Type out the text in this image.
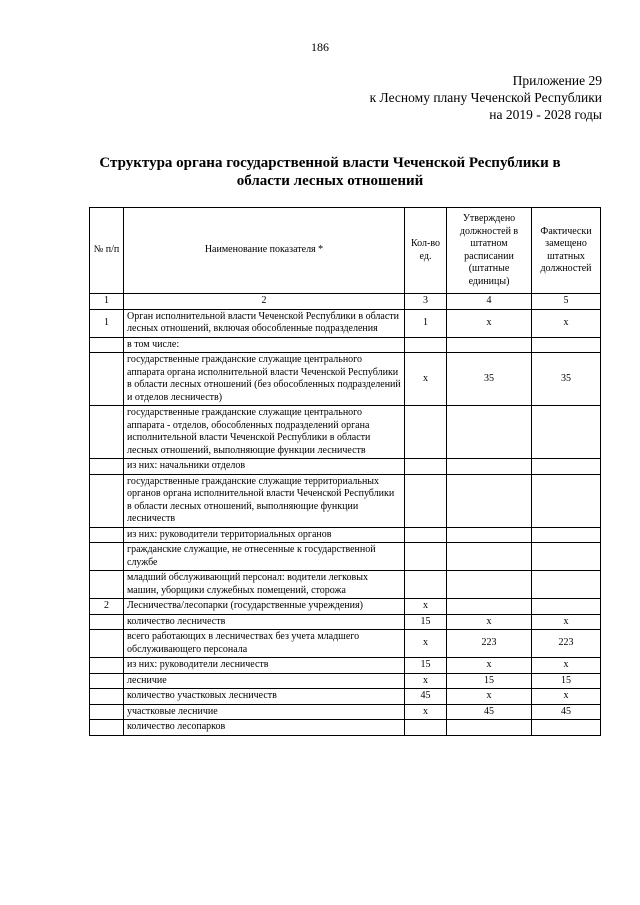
186
Приложение 29
к Лесному плану Чеченской Республики
на 2019 - 2028 годы
Структура органа государственной власти Чеченской Республики в
области лесных отношений
№ п/п	Наименование показателя *	Кол-во ед.	Утверждено должностей в штатном расписании (штатные единицы)	Фактически замещено штатных должностей
1	2	3	4	5
1	Орган исполнительной власти Чеченской Республики в области лесных отношений, включая обособленные подразделения	1	x	x
	в том числе:			
	государственные гражданские служащие центрального аппарата органа исполнительной власти Чеченской Республики в области лесных отношений (без обособленных подразделений и отделов лесничеств)	x	35	35
	государственные гражданские служащие центрального аппарата - отделов, обособленных подразделений органа исполнительной власти Чеченской Республики в области лесных отношений, выполняющие функции лесничеств			
	из них: начальники отделов			
	государственные гражданские служащие территориальных органов органа исполнительной власти Чеченской Республики в области лесных отношений, выполняющие функции лесничеств			
	из них: руководители территориальных органов			
	гражданские служащие, не отнесенные к государственной службе			
	младший обслуживающий персонал: водители легковых машин, уборщики служебных помещений, сторожа			
2	Лесничества/лесопарки (государственные учреждения)	x		
	количество лесничеств	15	x	x
	всего работающих в лесничествах без учета младшего обслуживающего персонала	x	223	223
	из них: руководители лесничеств	15	x	x
	лесничие	x	15	15
	количество участковых лесничеств	45	x	x
	участковые лесничие	x	45	45
	количество лесопарков			
